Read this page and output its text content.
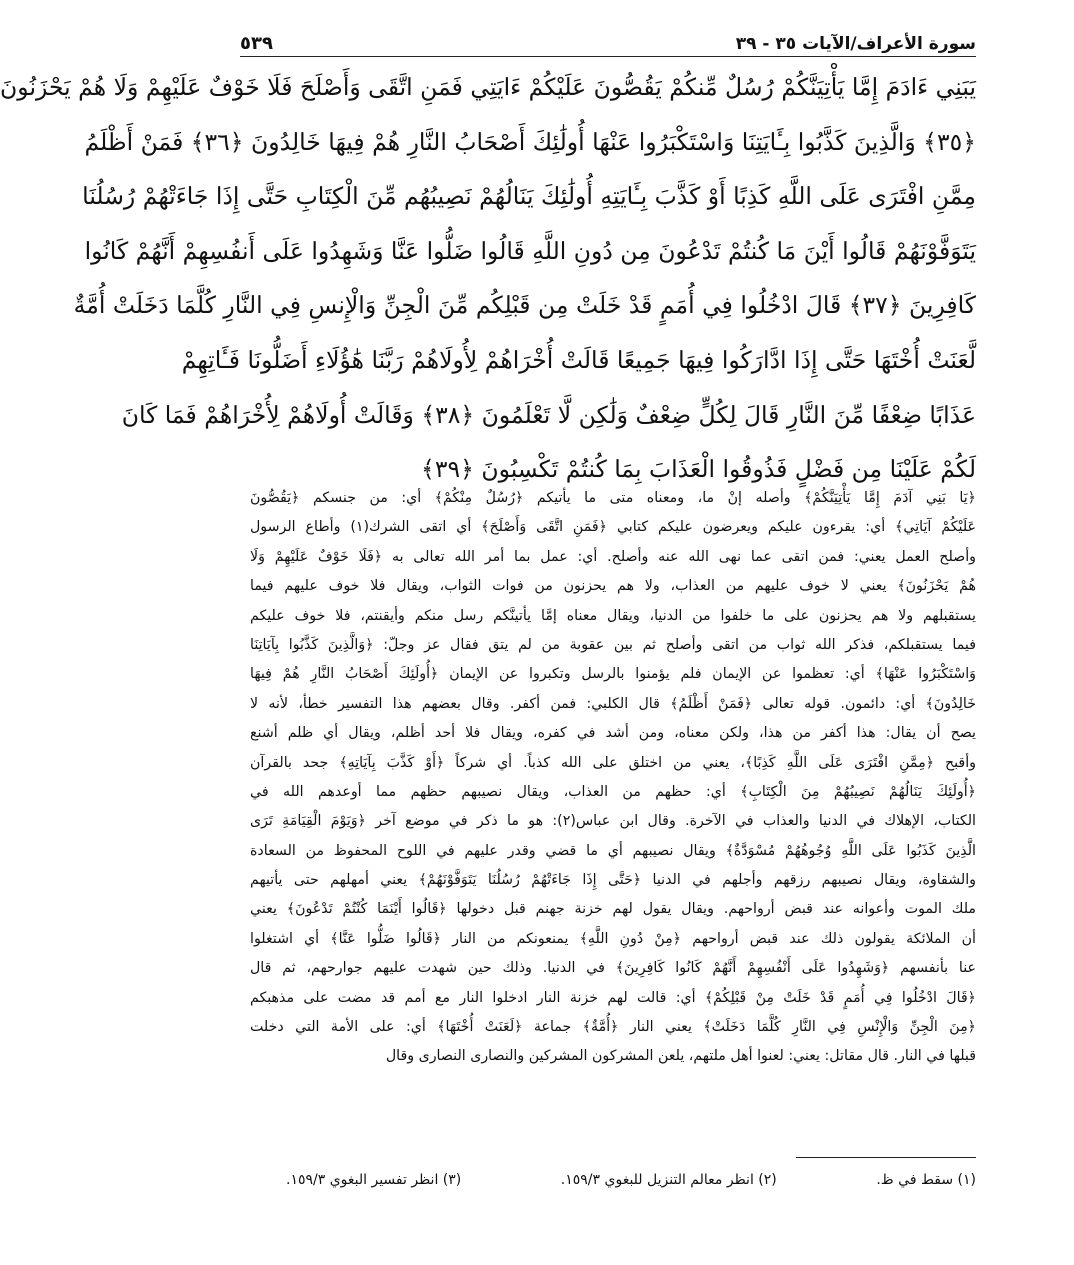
سورة الأعراف/الآيات ٣٥ - ٣٩
٥٣٩
يَبَنِي ءَادَمَ إِمَّا يَأْتِيَنَّكُمْ رُسُلٌ مِّنكُمْ يَقُصُّونَ عَلَيْكُمْ ءَايَتِي فَمَنِ اتَّقَى وَأَصْلَحَ فَلَا خَوْفٌ عَلَيْهِمْ وَلَا هُمْ يَحْزَنُونَ
﴿٣٥﴾ وَالَّذِينَ كَذَّبُوا بِـَٔايَتِنَا وَاسْتَكْبَرُوا عَنْهَا أُولَٰئِكَ أَصْحَابُ النَّارِ هُمْ فِيهَا خَالِدُونَ ﴿٣٦﴾ فَمَنْ أَظْلَمُ
مِمَّنِ افْتَرَى عَلَى اللَّهِ كَذِبًا أَوْ كَذَّبَ بِـَٔايَتِهِ أُولَٰئِكَ يَنَالُهُمْ نَصِيبُهُم مِّنَ الْكِتَابِ حَتَّى إِذَا جَاءَتْهُمْ رُسُلُنَا
يَتَوَفَّوْنَهُمْ قَالُوا أَيْنَ مَا كُنتُمْ تَدْعُونَ مِن دُونِ اللَّهِ قَالُوا ضَلُّوا عَنَّا وَشَهِدُوا عَلَى أَنفُسِهِمْ أَنَّهُمْ كَانُوا
كَافِرِينَ ﴿٣٧﴾ قَالَ ادْخُلُوا فِي أُمَمٍ قَدْ خَلَتْ مِن قَبْلِكُم مِّنَ الْجِنِّ وَالْإِنسِ فِي النَّارِ كُلَّمَا دَخَلَتْ أُمَّةٌ
لَّعَنَتْ أُخْتَهَا حَتَّى إِذَا ادَّارَكُوا فِيهَا جَمِيعًا قَالَتْ أُخْرَاهُمْ لِأُولَاهُمْ رَبَّنَا هَٰؤُلَاءِ أَضَلُّونَا فَـَٔاتِهِمْ
عَذَابًا ضِعْفًا مِّنَ النَّارِ قَالَ لِكُلٍّ ضِعْفٌ وَلَٰكِن لَّا تَعْلَمُونَ ﴿٣٨﴾ وَقَالَتْ أُولَاهُمْ لِأُخْرَاهُمْ فَمَا كَانَ
لَكُمْ عَلَيْنَا مِن فَضْلٍ فَذُوقُوا الْعَذَابَ بِمَا كُنتُمْ تَكْسِبُونَ ﴿٣٩﴾
﴿يَا بَنِي آدَمَ إِمَّا يَأْتِيَنَّكُمْ﴾ وأصله إنْ ما، ومعناه متى ما يأتيكم ﴿رُسُلٌ مِنْكُمْ﴾ أي: من جنسكم ﴿يَقُصُّونَ
عَلَيْكُمْ آيَاتِي﴾ أي: يقرءون عليكم ويعرضون عليكم كتابي ﴿فَمَنِ اتَّقَى وَأَصْلَحَ﴾ أي اتقى الشرك(١) وأطاع الرسول
وأصلح العمل يعني: فمن اتقى عما نهى الله عنه وأصلح. أي: عمل بما أمر الله تعالى به ﴿فَلَا خَوْفٌ عَلَيْهِمْ وَلَا
هُمْ يَحْزَنُونَ﴾ يعني لا خوف عليهم من العذاب، ولا هم يحزنون من فوات الثواب، ويقال فلا خوف عليهم فيما
يستقبلهم ولا هم يحزنون على ما خلفوا من الدنيا، ويقال معناه إمَّا يأتينَّكم رسل منكم وأيقنتم، فلا خوف عليكم
فيما يستقبلكم، فذكر الله ثواب من اتقى وأصلح ثم بين عقوبة من لم يتق فقال عز وجلّ: ﴿وَالَّذِينَ كَذَّبُوا بِآيَاتِنَا
وَاسْتَكْبَرُوا عَنْهَا﴾ أي: تعظموا عن الإيمان فلم يؤمنوا بالرسل وتكبروا عن الإيمان ﴿أُولَئِكَ أَصْحَابُ النَّارِ هُمْ فِيهَا
خَالِدُونَ﴾ أي: دائمون. قوله تعالى ﴿فَمَنْ أَظْلَمُ﴾ قال الكلبي: فمن أكفر. وقال بعضهم هذا التفسير خطأ، لأنه لا
يصح أن يقال: هذا أكفر من هذا، ولكن معناه، ومن أشد في كفره، ويقال فلا أحد أظلم، ويقال أي ظلم أشنع
وأقبح ﴿مِمَّنِ افْتَرَى عَلَى اللَّهِ كَذِبًا﴾، يعني من اختلق على الله كذباً. أي شركاً ﴿أَوْ كَذَّبَ بِآيَاتِهِ﴾ جحد بالقرآن
﴿أُولَئِكَ يَنَالُهُمْ نَصِيبُهُمْ مِنَ الْكِتَابِ﴾ أي: حظهم من العذاب، ويقال نصيبهم حظهم مما أوعدهم الله في
الكتاب، الإهلاك في الدنيا والعذاب في الآخرة. وقال ابن عباس(٢): هو ما ذكر في موضع آخر ﴿وَيَوْمَ الْقِيَامَةِ تَرَى
الَّذِينَ كَذَبُوا عَلَى اللَّهِ وُجُوهُهُمْ مُسْوَدَّةٌ﴾ ويقال نصيبهم أي ما قضي وقدر عليهم في اللوح المحفوظ من السعادة
والشقاوة، ويقال نصيبهم رزقهم وأجلهم في الدنيا ﴿حَتَّى إِذَا جَاءَتْهُمْ رُسُلُنَا يَتَوَفَّوْنَهُمْ﴾ يعني أمهلهم حتى يأتيهم
ملك الموت وأعوانه عند قبض أرواحهم. ويقال يقول لهم خزنة جهنم قبل دخولها ﴿قَالُوا أَيْنَمَا كُنْتُمْ تَدْعُونَ﴾ يعني
أن الملائكة يقولون ذلك عند قبض أرواحهم ﴿مِنْ دُونِ اللَّهِ﴾ يمنعونكم من النار ﴿قَالُوا ضَلُّوا عَنَّا﴾ أي اشتغلوا
عنا بأنفسهم ﴿وَشَهِدُوا عَلَى أَنْفُسِهِمْ أَنَّهُمْ كَانُوا كَافِرِينَ﴾ في الدنيا. وذلك حين شهدت عليهم جوارحهم، ثم قال
﴿قَالَ ادْخُلُوا فِي أُمَمٍ قَدْ خَلَتْ مِنْ قَبْلِكُمْ﴾ أي: قالت لهم خزنة النار ادخلوا النار مع أمم قد مضت على مذهبكم
﴿مِنَ الْجِنِّ وَالْإِنْسِ فِي النَّارِ كُلَّمَا دَخَلَتْ﴾ يعني النار ﴿أُمَّةٌ﴾ جماعة ﴿لَعَنَتْ أُخْتَهَا﴾ أي: على الأمة التي دخلت
قبلها في النار. قال مقاتل: يعني: لعنوا أهل ملتهم، يلعن المشركون المشركين والنصارى النصارى وقال
(١) سقط في ظ.
(٢) انظر معالم التنزيل للبغوي ١٥٩/٣.
(٣) انظر تفسير البغوي ١٥٩/٣.
